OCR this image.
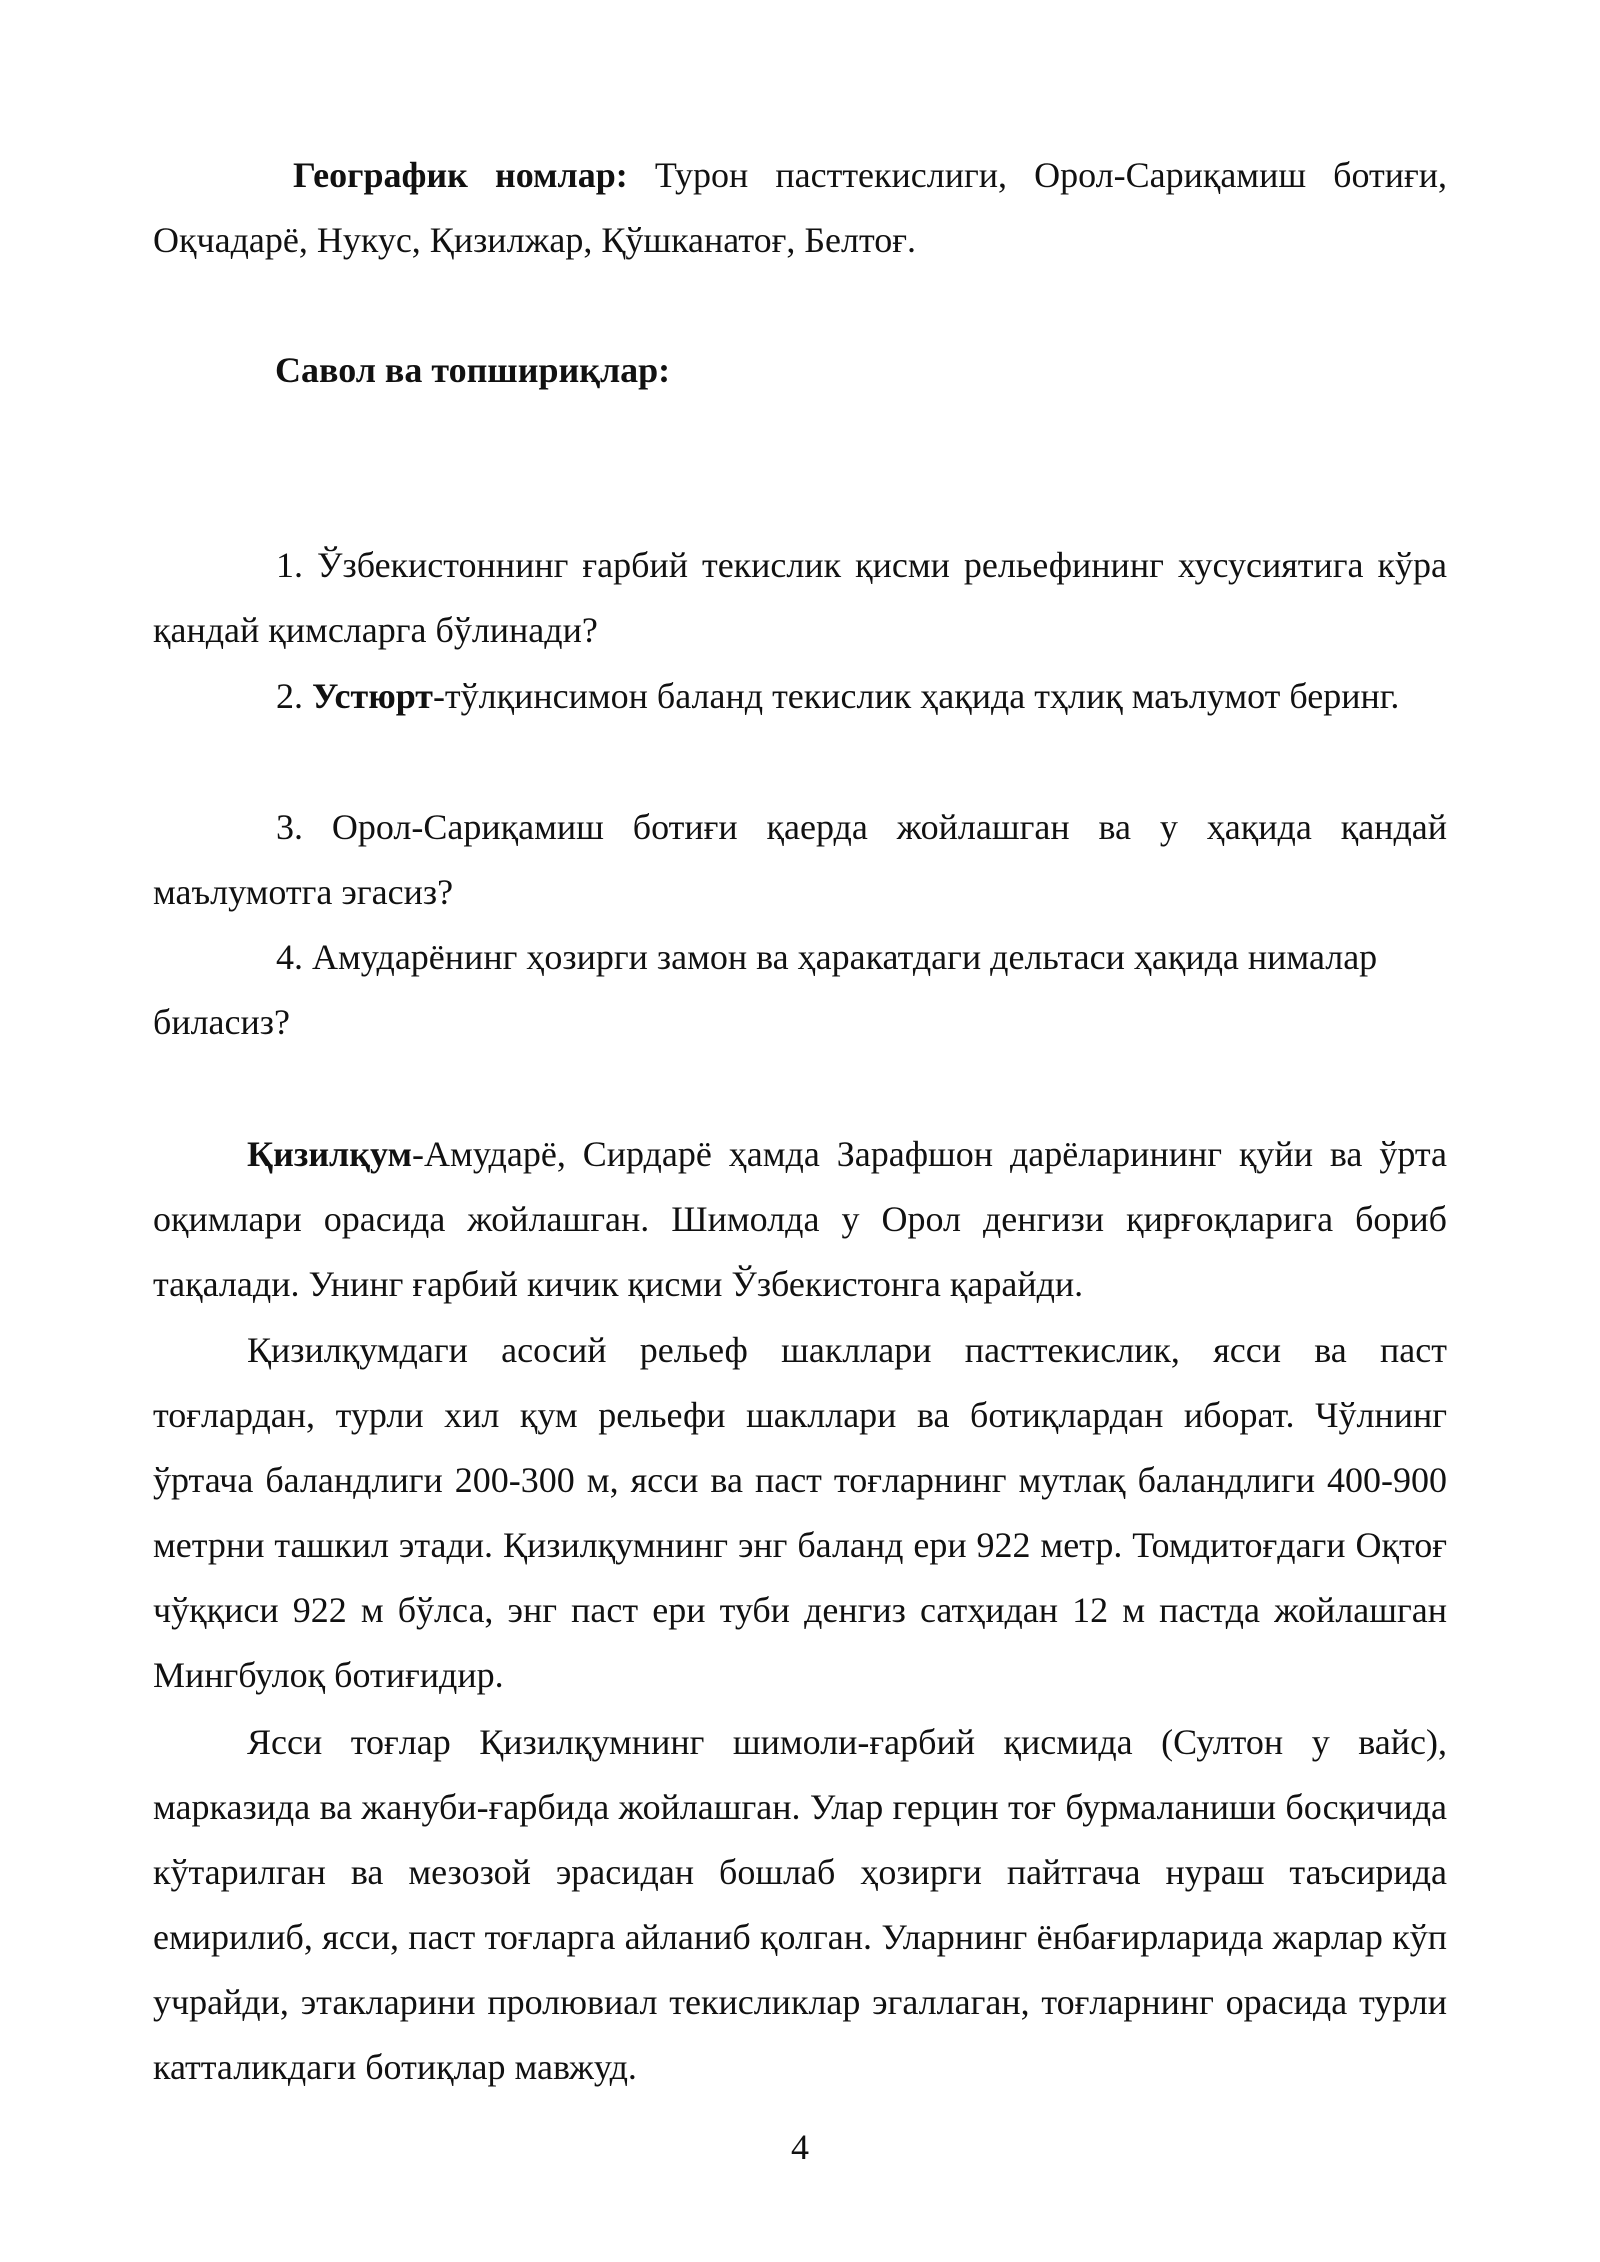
Географик номлар: Турон пасттекислиги, Орол-Сариқамиш ботиғи, Оқчадарё, Нукус, Қизилжар, Қўшканатоғ, Белтоғ.

Савол ва топшириқлар:

1. Ўзбекистоннинг ғарбий текислик қисми рельефининг хусусиятига кўра қандай қимсларга бўлинади?

2. Устюрт-тўлқинсимон баланд текислик ҳақида тҳлиқ маълумот беринг.

3. Орол-Сариқамиш ботиғи қаерда жойлашган ва у ҳақида қандай маълумотга эгасиз?

4. Амударёнинг ҳозирги замон ва ҳаракатдаги дельтаси ҳақида нималар биласиз?

Қизилқум-Амударё, Сирдарё ҳамда Зарафшон дарёларининг қуйи ва ўрта оқимлари орасида жойлашган. Шимолда у Орол денгизи қирғоқларига бориб тақалади. Унинг ғарбий кичик қисми Ўзбекистонга қарайди.

Қизилқумдаги асосий рельеф шакллари пасттекислик, ясси ва паст тоғлардан, турли хил қум рельефи шакллари ва ботиқлардан иборат. Чўлнинг ўртача баландлиги 200-300 м, ясси ва паст тоғларнинг мутлақ баландлиги 400-900 метрни ташкил этади. Қизилқумнинг энг баланд ери 922 метр. Томдитоғдаги Оқтоғ чўққиси 922 м бўлса, энг паст ери туби денгиз сатҳидан 12 м пастда жойлашган Мингбулоқ ботиғидир.

Ясси тоғлар Қизилқумнинг шимоли-ғарбий қисмида (Султон у вайс), марказида ва жануби-ғарбида жойлашган. Улар герцин тоғ бурмаланиши босқичида кўтарилган ва мезозой эрасидан бошлаб ҳозирги пайтгача нураш таъсирида емирилиб, ясси, паст тоғларга айланиб қолган. Уларнинг ёнбағирларида жарлар кўп учрайди, этакларини пролювиал текисликлар эгаллаган, тоғларнинг орасида турли катталикдаги ботиқлар мавжуд.

4
